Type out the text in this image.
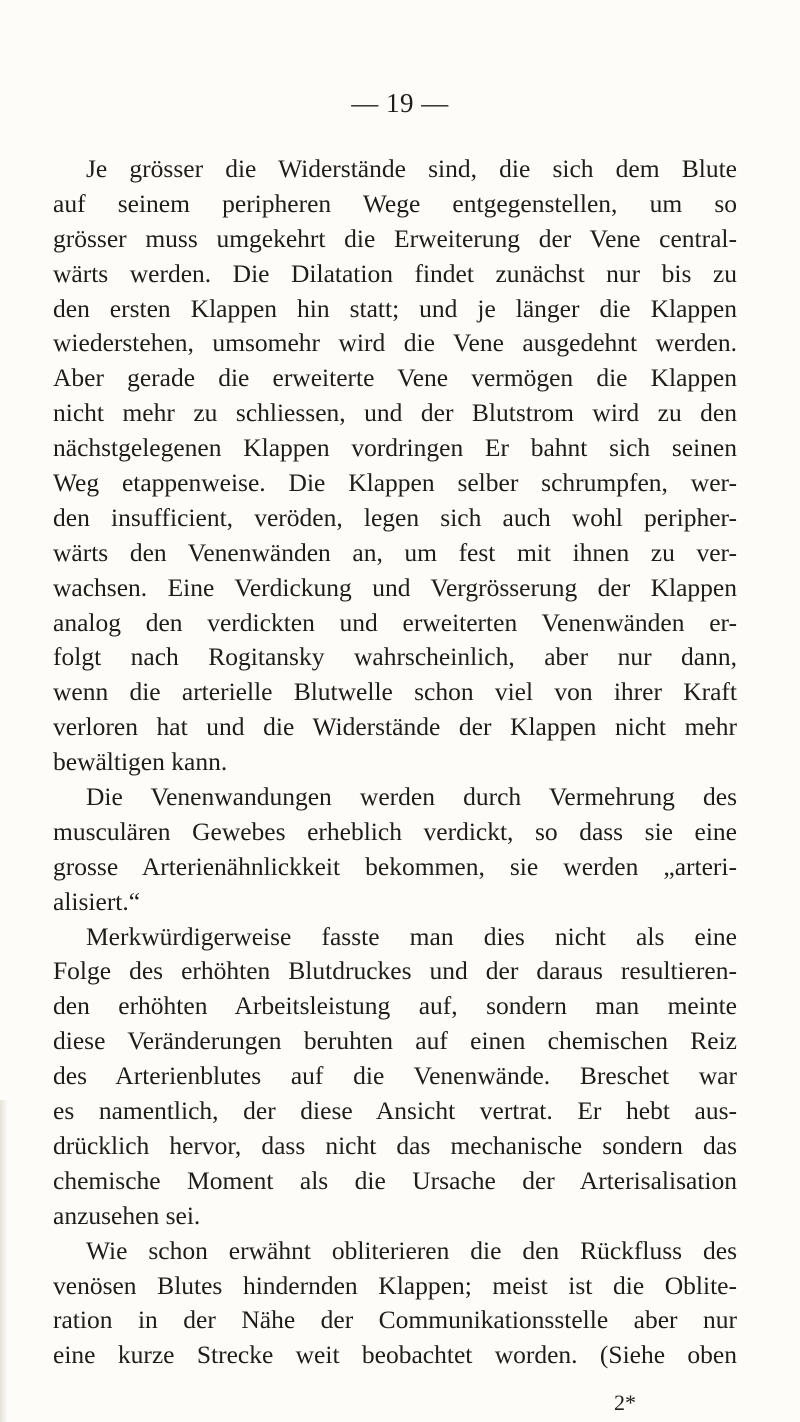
— 19 —
Je grösser die Widerstände sind, die sich dem Blute
auf seinem peripheren Wege entgegenstellen, um so
grösser muss umgekehrt die Erweiterung der Vene central-
wärts werden. Die Dilatation findet zunächst nur bis zu
den ersten Klappen hin statt; und je länger die Klappen
wiederstehen, umsomehr wird die Vene ausgedehnt werden.
Aber gerade die erweiterte Vene vermögen die Klappen
nicht mehr zu schliessen, und der Blutstrom wird zu den
nächstgelegenen Klappen vordringen Er bahnt sich seinen
Weg etappenweise. Die Klappen selber schrumpfen, wer-
den insufficient, veröden, legen sich auch wohl peripher-
wärts den Venenwänden an, um fest mit ihnen zu ver-
wachsen. Eine Verdickung und Vergrösserung der Klappen
analog den verdickten und erweiterten Venenwänden er-
folgt nach Rogitansky wahrscheinlich, aber nur dann,
wenn die arterielle Blutwelle schon viel von ihrer Kraft
verloren hat und die Widerstände der Klappen nicht mehr
bewältigen kann.
Die Venenwandungen werden durch Vermehrung des
musculären Gewebes erheblich verdickt, so dass sie eine
grosse Arterienähnlickkeit bekommen, sie werden „arteri-
alisiert.“
Merkwürdigerweise fasste man dies nicht als eine
Folge des erhöhten Blutdruckes und der daraus resultieren-
den erhöhten Arbeitsleistung auf, sondern man meinte
diese Veränderungen beruhten auf einen chemischen Reiz
des Arterienblutes auf die Venenwände. Breschet war
es namentlich, der diese Ansicht vertrat. Er hebt aus-
drücklich hervor, dass nicht das mechanische sondern das
chemische Moment als die Ursache der Arterisalisation
anzusehen sei.
Wie schon erwähnt obliterieren die den Rückfluss des
venösen Blutes hindernden Klappen; meist ist die Oblite-
ration in der Nähe der Communikationsstelle aber nur
eine kurze Strecke weit beobachtet worden. (Siehe oben
2*
